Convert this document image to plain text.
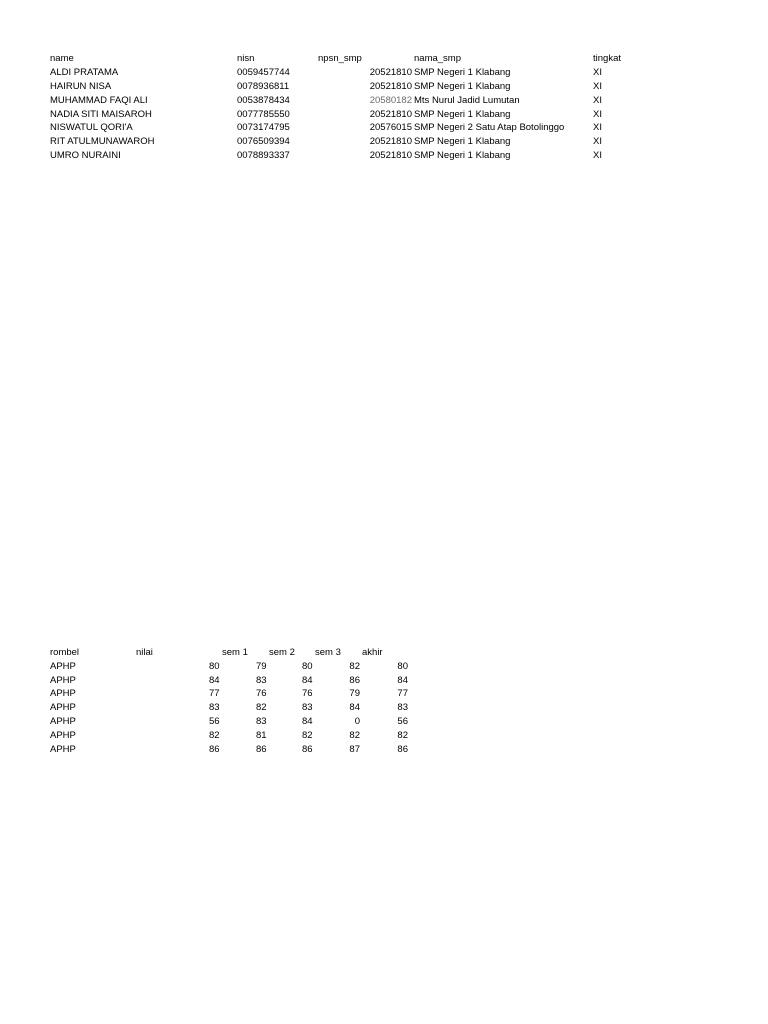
name	nisn	npsn_smp	nama_smp	tingkat
ALDI PRATAMA	0059457744	20521810 SMP Negeri 1 Klabang	XI
HAIRUN NISA	0078936811	20521810 SMP Negeri 1 Klabang	XI
MUHAMMAD FAQI ALI	0053878434	20580182 Mts Nurul Jadid Lumutan	XI
NADIA SITI MAISAROH	0077785550	20521810 SMP Negeri 1 Klabang	XI
NISWATUL QORI'A	0073174795	20576015 SMP Negeri 2 Satu Atap Botolinggo	XI
RIT ATULMUNAWAROH	0076509394	20521810 SMP Negeri 1 Klabang	XI
UMRO NURAINI	0078893337	20521810 SMP Negeri 1 Klabang	XI
rombel	nilai	sem 1 sem 2 sem 3 akhir
APHP	80	79	80	82	80
APHP	84	83	84	86	84
APHP	77	76	76	79	77
APHP	83	82	83	84	83
APHP	56	83	84	0	56
APHP	82	81	82	82	82
APHP	86	86	86	87	86
